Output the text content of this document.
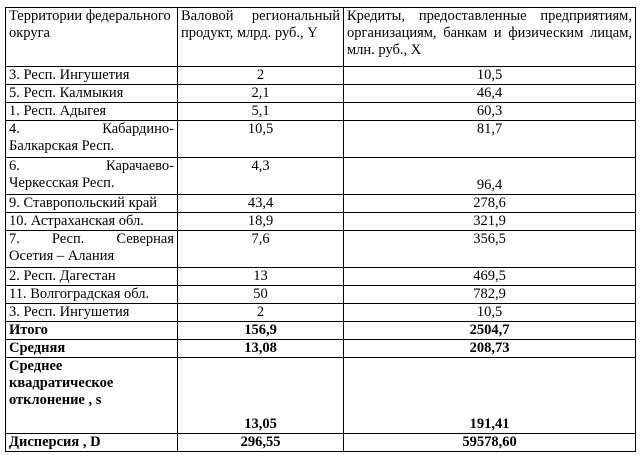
Территории федерального округа	Валовой региональный продукт, млрд. руб., Y	Кредиты, предоставленные предприятиям, организациям, банкам и физическим лицам, млн. руб., X
3. Респ. Ингушетия	2	10,5
5. Респ. Калмыкия	2,1	46,4
1. Респ. Адыгея	5,1	60,3

4. Кабардино-
Балкарская Респ.	10,5	81,7

6. Карачаево-
Черкесская Респ.	4,3	96,4
9. Ставропольский край	43,4	278,6
10. Астраханская обл.	18,9	321,9

7. Респ. Северная
Осетия – Алания	7,6	356,5
2. Респ. Дагестан	13	469,5
11. Волгоградская обл.	50	782,9
3. Респ. Ингушетия	2	10,5
Итого	156,9	2504,7
Средняя	13,08	208,73

Среднее
квадратическое
отклонение , s	13,05	191,41
Дисперсия , D	296,55	59578,60
